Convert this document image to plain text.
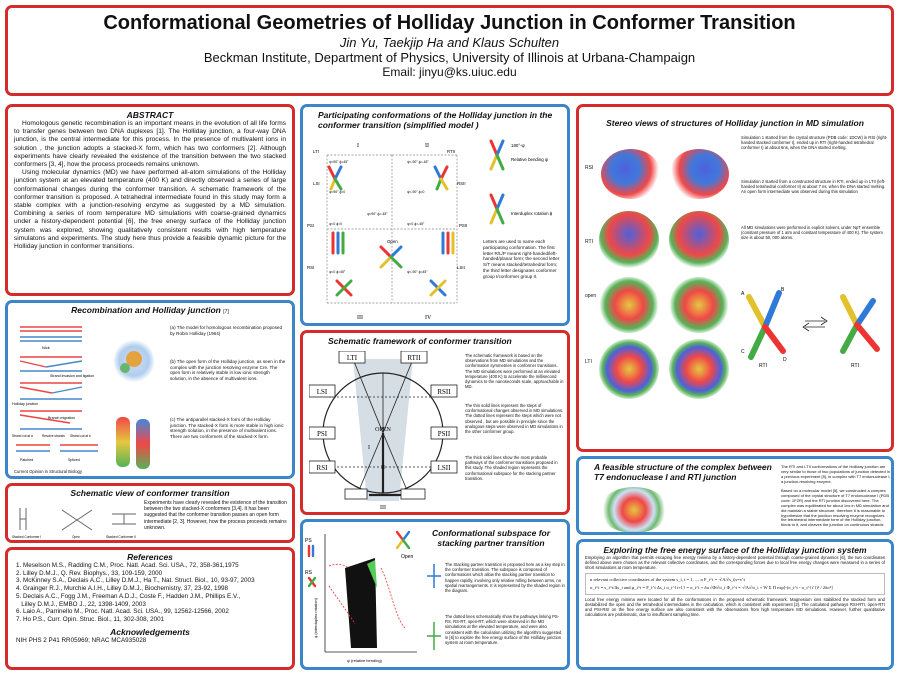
Conformational Geometries of Holliday Junction in Conformer Transition
Jin Yu, Taekjip Ha and Klaus Schulten
Beckman Institute, Department of Physics, University of Illinois at Urbana-Champaign
Email: jinyu@ks.uiuc.edu
ABSTRACT
Homologous genetic recombination is an important means in the evolution of all life forms to transfer genes between two DNA duplexes [1]. The Holliday junction, a four-way DNA junction, is the central intermediate for this process. In the presence of multivalent ions in solution , the junction adopts a stacked-X form, which has two conformers [2]. Although experiments have clearly revealed the existence of the transition between the two stacked conformers [3, 4], how the process proceeds remains unknown.
Using molecular dynamics (MD) we have performed all-atom simulations of the Holliday junction system at an elevated temperature (400 K) and directly observed a series of large conformational changes during the conformer transition. A schematic framework of the conformer transition is proposed. A tetrahedral intermediate found in this study may form a stable complex with a junction-resolving enzyme as suggested by a MD simulation. Combining a series of room temperature MD simulations with coarse-grained dynamics under a history-dependent potential [6], the free energy surface of the Holliday junction system was explored, showing qualitatively consistent results with high temperature simulatons and experiments. The study here thus provide a feasible dynamic picture for the Holliday junction in conformer transitions.
Recombination and Holliday junction [7]
Nick
Strand invasion and ligation
Holliday junction
Branch migration
Strand cut at a	Resolve strands Strand cut at b
Patched	Spliced
Current Opinion in Structural Biology
(a) The model for homologous recombination proposed by Robin Holliday (1964)
(b) The open form of the Holliday junction, as seen in the complex with the junction resolving enzyme Cre. The open form is relatively stable in low ionic strength solution, in the absence of multivalent ions.
(c) The antiparallel stacked-X form of the Holliday junction. The stacked-X form is more stable in high ionic strength solution, in the presence of multivalent ions. There are two conformers of the stacked-X form.
Schematic view of conformer transition
Stacked Conformer I	Open	Stacked Conformer II
Experiments have clearly revealed the existence of the transition between the two stacked-X conformers [3,4]. It has been suggested that the conformer transition passes an open form intermediate [2, 3]. However, how the process proceeds remains unknown.
References
1. Meselson M.S., Radding C.M., Proc. Natl. Acad. Sci. USA., 72, 358-361,1975
2. Lilley D.M.J., Q. Rev. Biophys., 33, 109-159, 2000
3. McKinney S.A., Declais A.C., Lilley D.M.J., Ha T., Nat. Struct. Biol., 10, 93-97, 2003
4. Grainger R.J., Murchie A.I.H., Lilley D.M.J., Biochemistry, 37, 23-92, 1998
5. Declais A.C., Fogg J.M., Freeman A.D.J., Coste F., Hadden J.M., Phillips E.V.,
Lilley D.M.J., EMBO J., 22, 1398-1409, 2003
6. Laio A., Parrinello M., Proc. Natl. Acad. Sci. USA., 99, 12562-12566, 2002
7. Ho P.S., Curr. Opin. Struc. Biol., 11, 302-308, 2001
Acknowledgements
NIH PHS 2 P41 RR05969; NRAC MCA935028
Participating conformations of the Holliday junction in the conformer transition (simplified model )
I	II
III	IV
LTI	RTII
LSI	RSII
PSI	PSII
RSI	LSII
Open
ψ=90° ϕ=45°	ψ=-90° ϕ=-45°
ψ=0 ϕ=0
ψ=90° ϕ=0	ψ=-90° ϕ=0
ψ=0 ϕ=-45°
ψ=0 ϕ=45°	ψ=-90° ϕ=45°
ψ=90° ϕ=-45°
180°-ψ
Relative bending ψ
Interduplex rotation ϕ
Letters are used to name each participating conformation. The first letter R/L/P means right-handed/left-handed/planar form; the second letter S/T means stacked/tetrahedral form; the third letter designates conformer group I/conformer group II.
Schematic framework of conformer transition
LTI	RTII
LSI	RSII
PSI	PSII
RSI	LSII
OPEN
I
II
III
The schematic framework is based on the observations from MD simulations and the conformation symmetries in conformer transitions. The MD simulations were performed at an elevated temperature (400 K) to accelerate the millisecond dynamics to the nanoseconds scale, approachable in MD.
The thin solid lines represent the steps of conformational changes observed in MD simulations. The dotted lines represent the steps which were not observed , but are possible in principle since the analogous steps were observed in MD simulations in the other conformer group.
The thick solid lines show the most probable pathways of the conformer transitions proposed in this study. The shaded region represents the conformational subspace for the stacking partner transition.
Conformational subspace for stacking partner transition
PS
RS
Open
ψ (relative bending)
ϕ (interduplex rotation)
The Stacking partner transition is proposed here as a key step in the conformer transition. The subspace is composed of conformations which allow the stacking partner transition to happen rapidly, involving only relative rolling between arms, no spatial rearrangements. It is represented by the shaded region in the diagram.
The dotted lines schematically show the pathways linking PS-RS, RS-RT, open-RT, which were observed in the MD simulations at the elevated temperature, and were also consistent with the calculation utilizing the algorithm suggested in [6] to explore the free energy surface of the Holliday junction system at room temperature.
Stereo views of structures of Holliday junction in MD simulation
RSI
RTI
open
LTI
Simulation 1 started from the crystal structure (PDB code: 1DCW) in RSI (right-handed stacked conformer I), ended up in RTI (right-handed tetrahedral conformer I) at about 6ns, when the DNA started melting.
Simulation 2 started from a constructed structure in RTI, ended up in LTII (left-handed tetrahedral conformer II) at about 7 ns, when the DNA started melting. An open form intermediate was observed during this simulation
All MD simulations were performed in explicit solvent, under NpT ensemble (constant pressure of 1 atm and constant temperature of 400 K). The system size is about 50, 000 atoms.
A
B
C
D
RTI	RTI
A feasible structure of the complex between T7 endonuclease I and RTI junction
The RTI and LTII conformations of the Holliday junction are very similar to those of two populations of junction detected in a previous experiment [5], in complex with T7 endonuclease I, a junction-resolving enzyme.
Based on a molecular model [5], we constructed a complex composed of the crystal structure of T7 endonuclease I (PDB code: 1FZR) and the RTI junction discovered here. The complex was equilibrated for about 1ns in MD simulation and did maintain a stable structure, therefore it is reasonable to hypothesize that the junction resolving enzyme recognizes the tetrahedral intermediate form of the Holliday junction, binds to it, and cleaves the junction on continuous strands
Exploring the free energy surface of the Holliday junction system
Employing an algorithm that permits escaping free energy minima by a history-dependent potential through coarse-grained dynamics [6], the two coordinates defined above were chosen as the relevant collective coordinates, and the corresponding forces due to local free energy changes were measured in a series of short simulations at room temperature.
n relevant collective coordinates of the system s_i, i = 1, ..., n F_i^t = -∂A/∂s_i|s=s^t
σ_i^t = s_i^t/Δs_i and φ_i^t = F_i^t Δs_i σ_i^{t+1} = σ_i^t + δσ ∂Φ/∂σ_i Φ_i^t = -∂A/∂σ_i + W Σ Π exp[-(σ_i^t - σ_i^{t'})² / 2δσ²]
Local free energy minima were located for all the conformations in the proposed schematic framework. Magnesium ions stabilized the stacked form and destabilized the open and the tetrahedral intermediates in the calculation, which is consistent with experiment [2]. The calculated pathways RSI-RTI, open-RTI and PSI-RSI on the free energy surface are also consistent with the observations from high temperature MD simulations. However, further quantitative calculations are problematic, due to insufficient sampling time.
